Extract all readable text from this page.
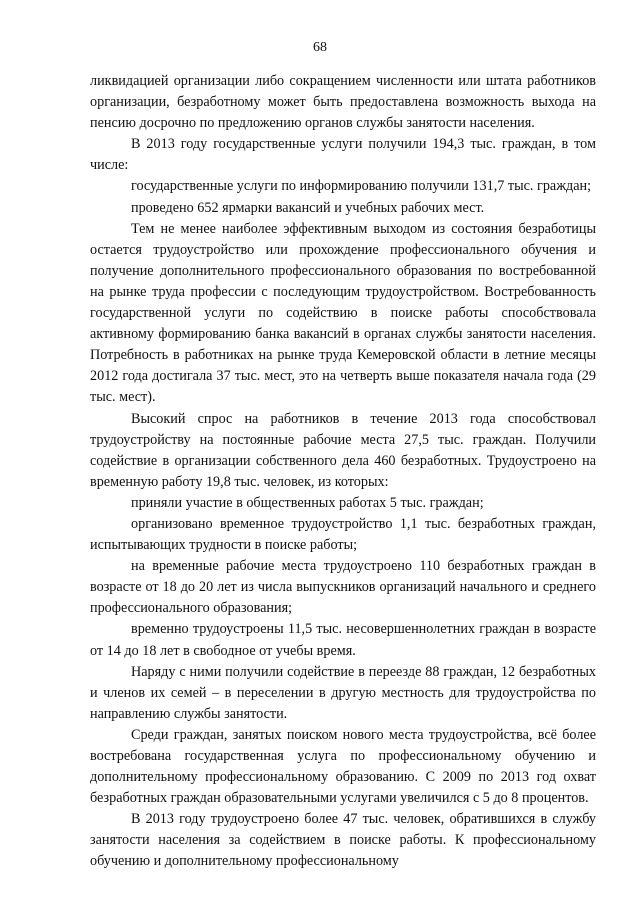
68

ликвидацией организации либо сокращением численности или штата работников организации, безработному может быть предоставлена возможность выхода на пенсию досрочно по предложению органов службы занятости населения.

В 2013 году государственные услуги получили 194,3 тыс. граждан, в том числе:

государственные услуги по информированию получили 131,7 тыс. граждан;

проведено 652 ярмарки вакансий и учебных рабочих мест.

Тем не менее наиболее эффективным выходом из состояния безработицы остается трудоустройство или прохождение профессионального обучения и получение дополнительного профессионального образования по востребованной на рынке труда профессии с последующим трудоустройством. Востребованность государственной услуги по содействию в поиске работы способствовала активному формированию банка вакансий в органах службы занятости населения. Потребность в работниках на рынке труда Кемеровской области в летние месяцы 2012 года достигала 37 тыс. мест, это на четверть выше показателя начала года (29 тыс. мест).

Высокий спрос на работников в течение 2013 года способствовал трудоустройству на постоянные рабочие места 27,5 тыс. граждан. Получили содействие в организации собственного дела 460 безработных. Трудоустроено на временную работу 19,8 тыс. человек, из которых:

приняли участие в общественных работах 5 тыс. граждан;

организовано временное трудоустройство 1,1 тыс. безработных граждан, испытывающих трудности в поиске работы;

на временные рабочие места трудоустроено 110 безработных граждан в возрасте от 18 до 20 лет из числа выпускников организаций начального и среднего профессионального образования;

временно трудоустроены 11,5 тыс. несовершеннолетних граждан в возрасте от 14 до 18 лет в свободное от учебы время.

Наряду с ними получили содействие в переезде 88 граждан, 12 безработных и членов их семей – в переселении в другую местность для трудоустройства по направлению службы занятости.

Среди граждан, занятых поиском нового места трудоустройства, всё более востребована государственная услуга по профессиональному обучению и дополнительному профессиональному образованию. С 2009 по 2013 год охват безработных граждан образовательными услугами увеличился с 5 до 8 процентов.

В 2013 году трудоустроено более 47 тыс. человек, обратившихся в службу занятости населения за содействием в поиске работы. К профессиональному обучению и дополнительному профессиональному
